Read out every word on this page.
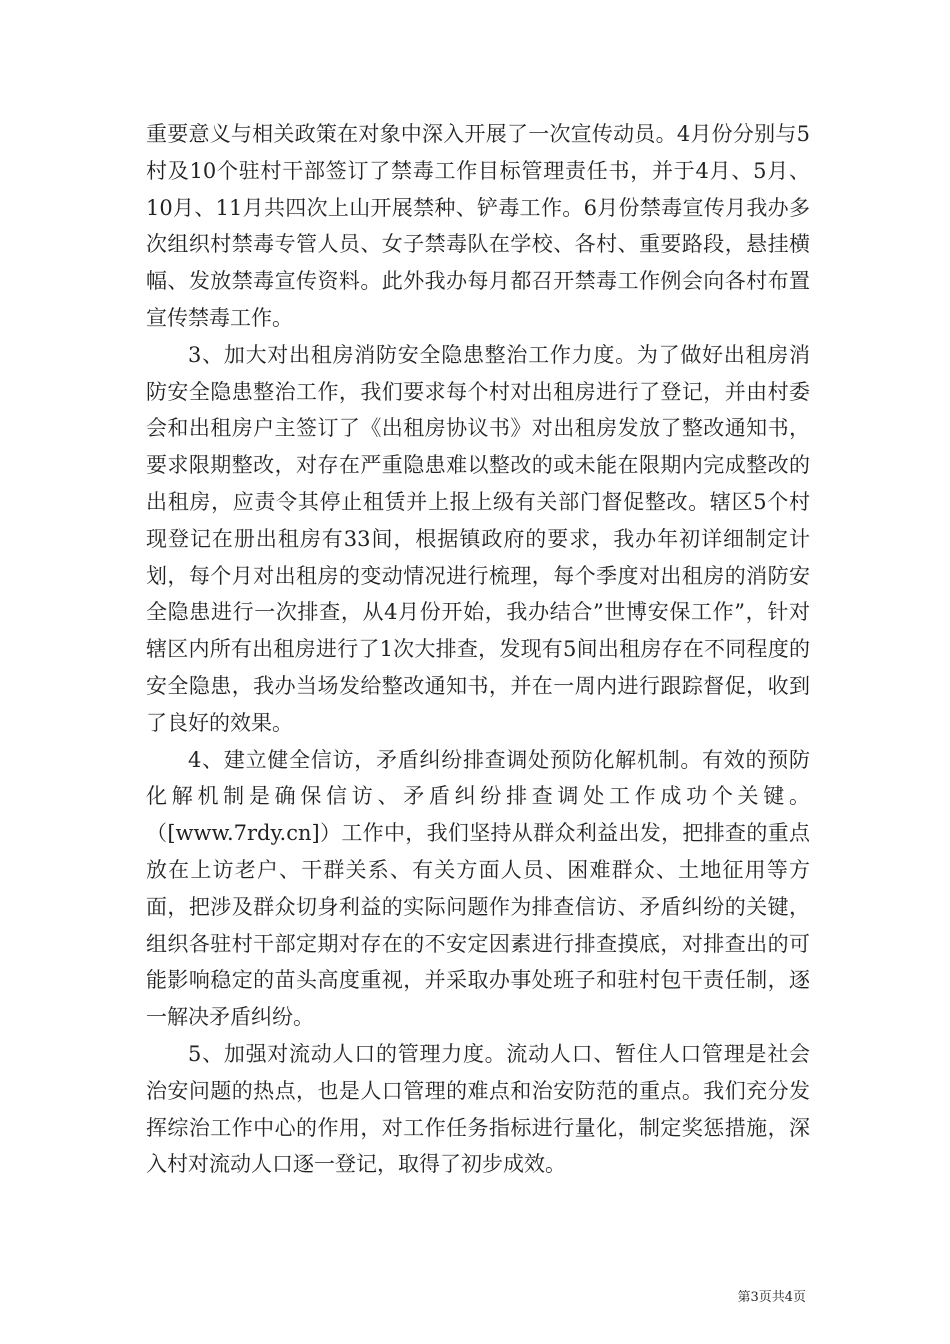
重要意义与相关政策在对象中深入开展了一次宣传动员。4月份分别与5村及10个驻村干部签订了禁毒工作目标管理责任书，并于4月、5月、10月、11月共四次上山开展禁种、铲毒工作。6月份禁毒宣传月我办多次组织村禁毒专管人员、女子禁毒队在学校、各村、重要路段，悬挂横幅、发放禁毒宣传资料。此外我办每月都召开禁毒工作例会向各村布置宣传禁毒工作。

3、加大对出租房消防安全隐患整治工作力度。为了做好出租房消防安全隐患整治工作，我们要求每个村对出租房进行了登记，并由村委会和出租房户主签订了《出租房协议书》对出租房发放了整改通知书，要求限期整改，对存在严重隐患难以整改的或未能在限期内完成整改的出租房，应责令其停止租赁并上报上级有关部门督促整改。辖区5个村现登记在册出租房有33间，根据镇政府的要求，我办年初详细制定计划，每个月对出租房的变动情况进行梳理，每个季度对出租房的消防安全隐患进行一次排查，从4月份开始，我办结合”世博安保工作”，针对辖区内所有出租房进行了1次大排查，发现有5间出租房存在不同程度的安全隐患，我办当场发给整改通知书，并在一周内进行跟踪督促，收到了良好的效果。

4、建立健全信访，矛盾纠纷排查调处预防化解机制。有效的预防化解机制是确保信访、矛盾纠纷排查调处工作成功个关键。（[www.7rdy.cn]）工作中，我们坚持从群众利益出发，把排查的重点放在上访老户、干群关系、有关方面人员、困难群众、土地征用等方面，把涉及群众切身利益的实际问题作为排查信访、矛盾纠纷的关键，组织各驻村干部定期对存在的不安定因素进行排查摸底，对排查出的可能影响稳定的苗头高度重视，并采取办事处班子和驻村包干责任制，逐一解决矛盾纠纷。

5、加强对流动人口的管理力度。流动人口、暂住人口管理是社会治安问题的热点，也是人口管理的难点和治安防范的重点。我们充分发挥综治工作中心的作用，对工作任务指标进行量化，制定奖惩措施，深入村对流动人口逐一登记，取得了初步成效。

第3页共4页
